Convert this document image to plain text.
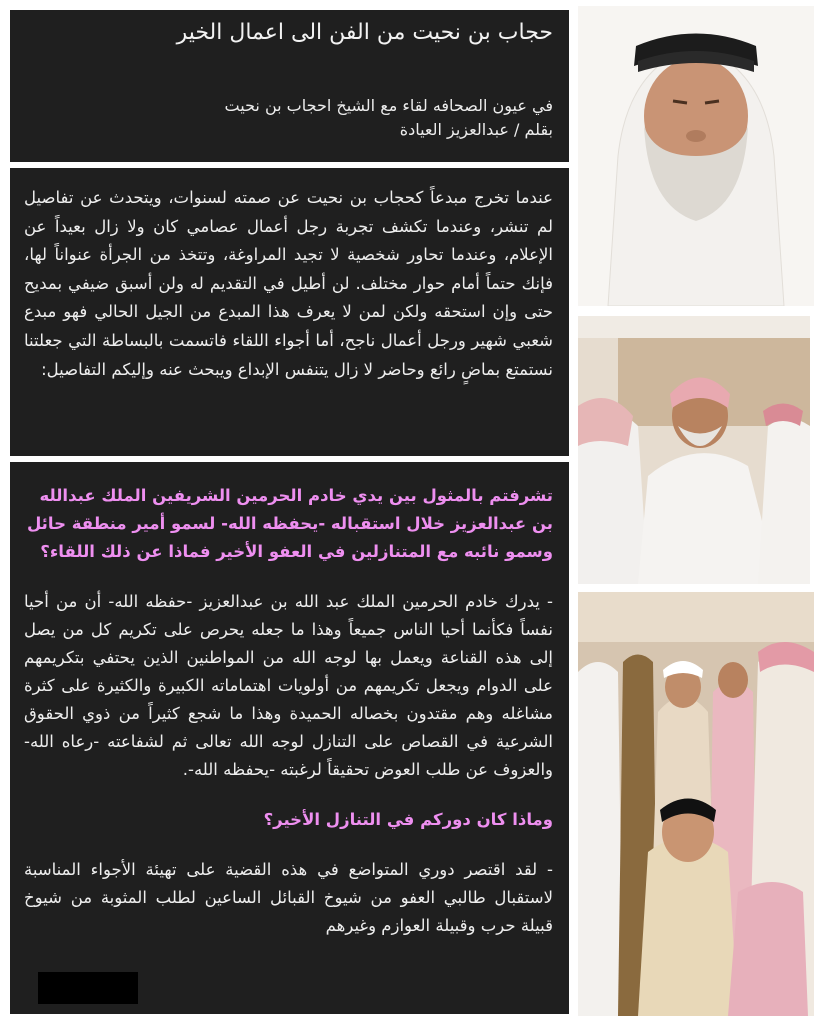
حجاب بن نحيت من الفن الى اعمال الخير

في عيون الصحافه لقاء مع الشيخ احجاب بن نحيت

بقلم / عبدالعزيز العيادة

عندما تخرج مبدعاً كحجاب بن نحيت عن صمته لسنوات، ويتحدث عن تفاصيل لم تنشر، وعندما تكشف تجربة رجل أعمال عصامي كان ولا زال بعيداً عن الإعلام، وعندما تحاور شخصية لا تجيد المراوغة، وتتخذ من الجرأة عنواناً لها، فإنك حتماً أمام حوار مختلف. لن أطيل في التقديم له ولن أسبق ضيفي بمديح حتى وإن استحقه ولكن لمن لا يعرف هذا المبدع من الجيل الحالي فهو مبدع شعبي شهير ورجل أعمال ناجح، أما أجواء اللقاء فاتسمت بالبساطة التي جعلتنا نستمتع بماضٍ رائع وحاضر لا زال يتنفس الإبداع ويبحث عنه وإليكم التفاصيل:

تشرفتم بالمثول بين يدي خادم الحرمين الشريفين الملك عبدالله بن عبدالعزيز خلال استقباله -يحفظه الله- لسمو أمير منطقة حائل وسمو نائبه مع المتنازلين في العفو الأخير فماذا عن ذلك اللقاء؟

- يدرك خادم الحرمين الملك عبد الله بن عبدالعزيز -حفظه الله- أن من أحيا نفساً فكأنما أحيا الناس جميعاً وهذا ما جعله يحرص على تكريم كل من يصل إلى هذه القناعة ويعمل بها لوجه الله من المواطنين الذين يحتفي بتكريمهم على الدوام ويجعل تكريمهم من أولويات اهتماماته الكبيرة والكثيرة على كثرة مشاغله وهم مقتدون بخصاله الحميدة وهذا ما شجع كثيراً من ذوي الحقوق الشرعية في القصاص على التنازل لوجه الله تعالى ثم لشفاعته -رعاه الله- والعزوف عن طلب العوض تحقيقاً لرغبته -يحفظه الله-.

وماذا كان دوركم في التنازل الأخير؟

- لقد اقتصر دوري المتواضع في هذه القضية على تهيئة الأجواء المناسبة لاستقبال طالبي العفو من شيوخ القبائل الساعين لطلب المثوبة من شيوخ قبيلة حرب وقبيلة العوازم وغيرهم
